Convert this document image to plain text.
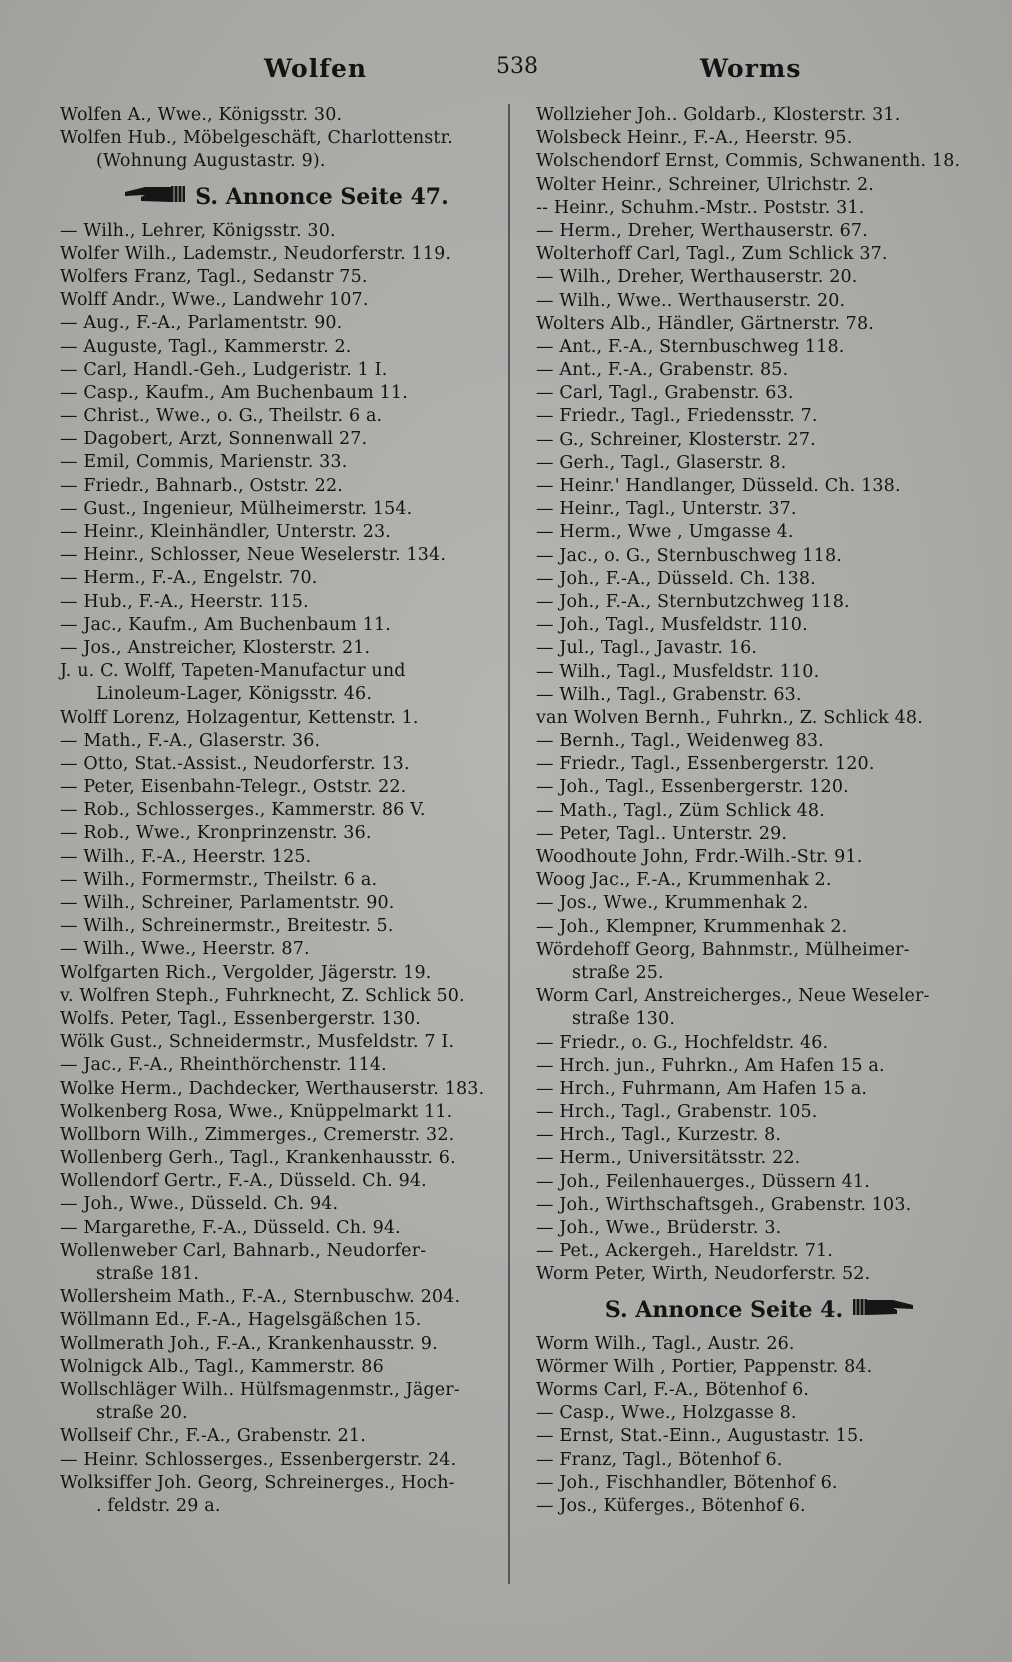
Wolfen	538	Worms
Wolfen A., Wwe., Königsstr. 30.
Wolfen Hub., Möbelgeschäft, Charlottenstr.
(Wohnung Augustastr. 9).
S. Annonce Seite 47.
— Wilh., Lehrer, Königsstr. 30.
Wolfer Wilh., Lademstr., Neudorferstr. 119.
Wolfers Franz, Tagl., Sedanstr 75.
Wolff Andr., Wwe., Landwehr 107.
— Aug., F.-A., Parlamentstr. 90.
— Auguste, Tagl., Kammerstr. 2.
— Carl, Handl.-Geh., Ludgeristr. 1 I.
— Casp., Kaufm., Am Buchenbaum 11.
— Christ., Wwe., o. G., Theilstr. 6 a.
— Dagobert, Arzt, Sonnenwall 27.
— Emil, Commis, Marienstr. 33.
— Friedr., Bahnarb., Oststr. 22.
— Gust., Ingenieur, Mülheimerstr. 154.
— Heinr., Kleinhändler, Unterstr. 23.
— Heinr., Schlosser, Neue Weselerstr. 134.
— Herm., F.-A., Engelstr. 70.
— Hub., F.-A., Heerstr. 115.
— Jac., Kaufm., Am Buchenbaum 11.
— Jos., Anstreicher, Klosterstr. 21.
J. u. C. Wolff, Tapeten-Manufactur und
Linoleum-Lager, Königsstr. 46.
Wolff Lorenz, Holzagentur, Kettenstr. 1.
— Math., F.-A., Glaserstr. 36.
— Otto, Stat.-Assist., Neudorferstr. 13.
— Peter, Eisenbahn-Telegr., Oststr. 22.
— Rob., Schlosserges., Kammerstr. 86 V.
— Rob., Wwe., Kronprinzenstr. 36.
— Wilh., F.-A., Heerstr. 125.
— Wilh., Formermstr., Theilstr. 6 a.
— Wilh., Schreiner, Parlamentstr. 90.
— Wilh., Schreinermstr., Breitestr. 5.
— Wilh., Wwe., Heerstr. 87.
Wolfgarten Rich., Vergolder, Jägerstr. 19.
v. Wolfren Steph., Fuhrknecht, Z. Schlick 50.
Wolfs. Peter, Tagl., Essenbergerstr. 130.
Wölk Gust., Schneidermstr., Musfeldstr. 7 I.
— Jac., F.-A., Rheinthörchenstr. 114.
Wolke Herm., Dachdecker, Werthauserstr. 183.
Wolkenberg Rosa, Wwe., Knüppelmarkt 11.
Wollborn Wilh., Zimmerges., Cremerstr. 32.
Wollenberg Gerh., Tagl., Krankenhausstr. 6.
Wollendorf Gertr., F.-A., Düsseld. Ch. 94.
— Joh., Wwe., Düsseld. Ch. 94.
— Margarethe, F.-A., Düsseld. Ch. 94.
Wollenweber Carl, Bahnarb., Neudorfer-
straße 181.
Wollersheim Math., F.-A., Sternbuschw. 204.
Wöllmann Ed., F.-A., Hagelsgäßchen 15.
Wollmerath Joh., F.-A., Krankenhausstr. 9.
Wolnigck Alb., Tagl., Kammerstr. 86
Wollschläger Wilh.. Hülfsmagenmstr., Jäger-
straße 20.
Wollseif Chr., F.-A., Grabenstr. 21.
— Heinr. Schlosserges., Essenbergerstr. 24.
Wolksiffer Joh. Georg, Schreinerges., Hoch-
. feldstr. 29 a.
Wollzieher Joh.. Goldarb., Klosterstr. 31.
Wolsbeck Heinr., F.-A., Heerstr. 95.
Wolschendorf Ernst, Commis, Schwanenth. 18.
Wolter Heinr., Schreiner, Ulrichstr. 2.
-- Heinr., Schuhm.-Mstr.. Poststr. 31.
— Herm., Dreher, Werthauserstr. 67.
Wolterhoff Carl, Tagl., Zum Schlick 37.
— Wilh., Dreher, Werthauserstr. 20.
— Wilh., Wwe.. Werthauserstr. 20.
Wolters Alb., Händler, Gärtnerstr. 78.
— Ant., F.-A., Sternbuschweg 118.
— Ant., F.-A., Grabenstr. 85.
— Carl, Tagl., Grabenstr. 63.
— Friedr., Tagl., Friedensstr. 7.
— G., Schreiner, Klosterstr. 27.
— Gerh., Tagl., Glaserstr. 8.
— Heinr.' Handlanger, Düsseld. Ch. 138.
— Heinr., Tagl., Unterstr. 37.
— Herm., Wwe , Umgasse 4.
— Jac., o. G., Sternbuschweg 118.
— Joh., F.-A., Düsseld. Ch. 138.
— Joh., F.-A., Sternbutzchweg 118.
— Joh., Tagl., Musfeldstr. 110.
— Jul., Tagl., Javastr. 16.
— Wilh., Tagl., Musfeldstr. 110.
— Wilh., Tagl., Grabenstr. 63.
van Wolven Bernh., Fuhrkn., Z. Schlick 48.
— Bernh., Tagl., Weidenweg 83.
— Friedr., Tagl., Essenbergerstr. 120.
— Joh., Tagl., Essenbergerstr. 120.
— Math., Tagl., Züm Schlick 48.
— Peter, Tagl.. Unterstr. 29.
Woodhoute John, Frdr.-Wilh.-Str. 91.
Woog Jac., F.-A., Krummenhak 2.
— Jos., Wwe., Krummenhak 2.
— Joh., Klempner, Krummenhak 2.
Wördehoff Georg, Bahnmstr., Mülheimer-
straße 25.
Worm Carl, Anstreicherges., Neue Weseler-
straße 130.
— Friedr., o. G., Hochfeldstr. 46.
— Hrch. jun., Fuhrkn., Am Hafen 15 a.
— Hrch., Fuhrmann, Am Hafen 15 a.
— Hrch., Tagl., Grabenstr. 105.
— Hrch., Tagl., Kurzestr. 8.
— Herm., Universitätsstr. 22.
— Joh., Feilenhauerges., Düssern 41.
— Joh., Wirthschaftsgeh., Grabenstr. 103.
— Joh., Wwe., Brüderstr. 3.
— Pet., Ackergeh., Hareldstr. 71.
Worm Peter, Wirth, Neudorferstr. 52.
S. Annonce Seite 4.
Worm Wilh., Tagl., Austr. 26.
Wörmer Wilh , Portier, Pappenstr. 84.
Worms Carl, F.-A., Bötenhof 6.
— Casp., Wwe., Holzgasse 8.
— Ernst, Stat.-Einn., Augustastr. 15.
— Franz, Tagl., Bötenhof 6.
— Joh., Fischhandler, Bötenhof 6.
— Jos., Küferges., Bötenhof 6.
